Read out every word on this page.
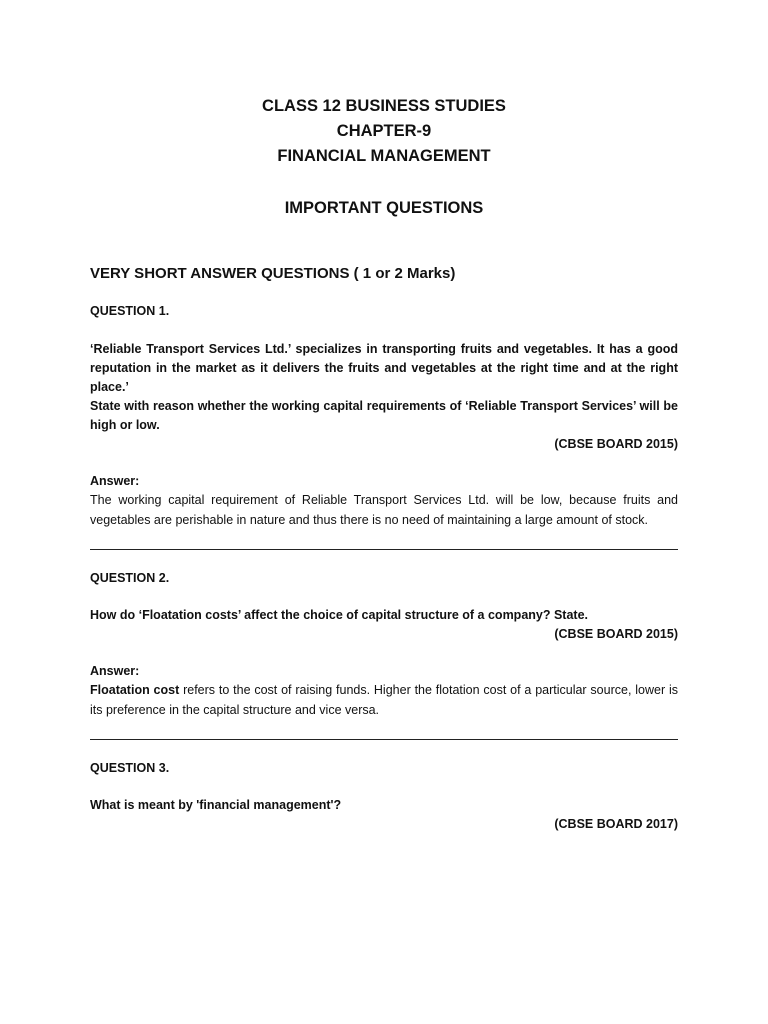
CLASS 12 BUSINESS STUDIES
CHAPTER-9
FINANCIAL MANAGEMENT
IMPORTANT QUESTIONS
VERY SHORT ANSWER QUESTIONS ( 1 or 2 Marks)
QUESTION 1.
‘Reliable Transport Services Ltd.’ specializes in transporting fruits and vegetables. It has a good reputation in the market as it delivers the fruits and vegetables at the right time and at the right place.’
State with reason whether the working capital requirements of ‘Reliable Transport Services’ will be high or low.
(CBSE BOARD 2015)
Answer:
The working capital requirement of Reliable Transport Services Ltd. will be low, because fruits and vegetables are perishable in nature and thus there is no need of maintaining a large amount of stock.
QUESTION 2.
How do ‘Floatation costs’ affect the choice of capital structure of a company? State.
(CBSE BOARD 2015)
Answer:
Floatation cost refers to the cost of raising funds. Higher the flotation cost of a particular source, lower is its preference in the capital structure and vice versa.
QUESTION 3.
What is meant by 'financial management'?
(CBSE BOARD 2017)
